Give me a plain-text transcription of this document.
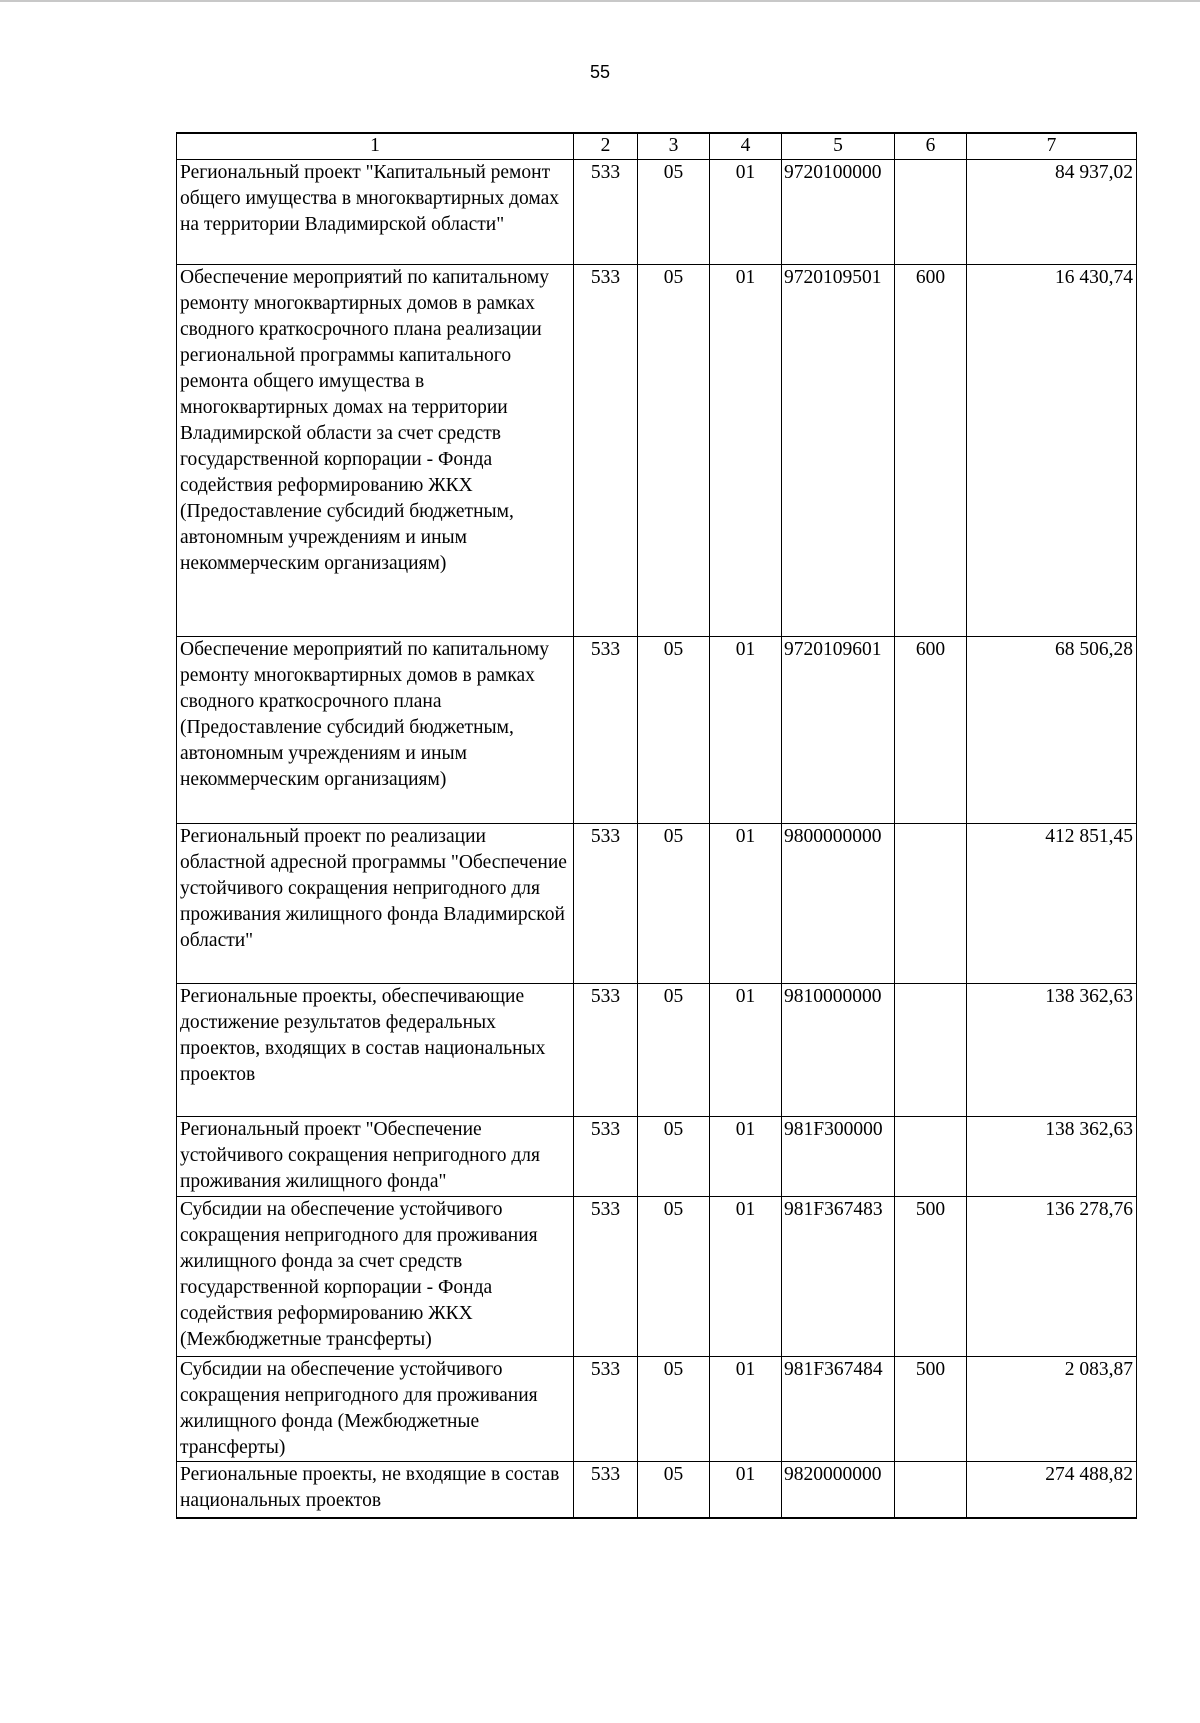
55
1	2	3	4	5	6	7
Региональный проект "Капитальный ремонт общего имущества в многоквартирных домах на территории Владимирской области"	533	05	01	9720100000		84 937,02
Обеспечение мероприятий по капитальному ремонту многоквартирных домов в рамках сводного краткосрочного плана реализации региональной программы капитального ремонта общего имущества в многоквартирных домах на территории Владимирской области за счет средств государственной корпорации - Фонда содействия реформированию ЖКХ (Предоставление субсидий бюджетным, автономным учреждениям и иным некоммерческим организациям)	533	05	01	9720109501	600	16 430,74
Обеспечение мероприятий по капитальному ремонту многоквартирных домов в рамках сводного краткосрочного плана (Предоставление субсидий бюджетным, автономным учреждениям и иным некоммерческим организациям)	533	05	01	9720109601	600	68 506,28
Региональный проект по реализации областной адресной программы "Обеспечение устойчивого сокращения непригодного для проживания жилищного фонда Владимирской области"	533	05	01	9800000000		412 851,45
Региональные проекты, обеспечивающие достижение результатов федеральных проектов, входящих в состав национальных проектов	533	05	01	9810000000		138 362,63
Региональный проект "Обеспечение устойчивого сокращения непригодного для проживания жилищного фонда"	533	05	01	981F300000		138 362,63
Субсидии на обеспечение устойчивого сокращения непригодного для проживания жилищного фонда за счет средств государственной корпорации - Фонда содействия реформированию ЖКХ (Межбюджетные трансферты)	533	05	01	981F367483	500	136 278,76
Субсидии на обеспечение устойчивого сокращения непригодного для проживания жилищного фонда (Межбюджетные трансферты)	533	05	01	981F367484	500	2 083,87
Региональные проекты, не входящие в состав национальных проектов	533	05	01	9820000000		274 488,82
